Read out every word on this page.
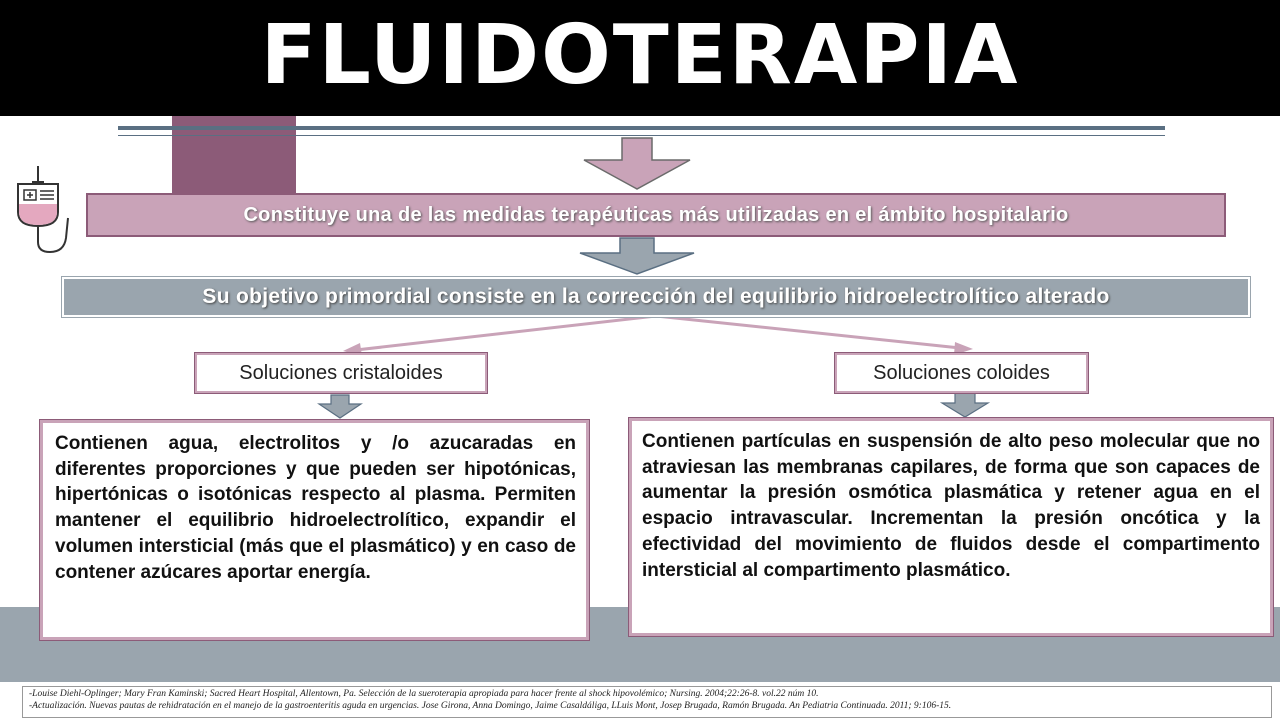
FLUIDOTERAPIA
Constituye una de las medidas terapéuticas más utilizadas en el ámbito hospitalario
Su objetivo primordial consiste en la corrección del equilibrio hidroelectrolítico alterado
Soluciones cristaloides	Soluciones coloides
Contienen agua, electrolitos y /o azucaradas en diferentes proporciones y que pueden ser hipotónicas, hipertónicas o isotónicas respecto al plasma. Permiten mantener el equilibrio hidroelectrolítico, expandir el volumen intersticial (más que el plasmático) y en caso de contener azúcares aportar energía.
Contienen partículas en suspensión de alto peso molecular que no atraviesan las membranas capilares, de forma que son capaces de aumentar la presión osmótica plasmática y retener agua en el espacio intravascular. Incrementan la presión oncótica y la efectividad del movimiento de fluidos desde el compartimento intersticial al compartimento plasmático.
-Louise Diehl-Oplinger; Mary Fran Kaminski; Sacred Heart Hospital, Allentown, Pa. Selección de la sueroterapia apropiada para hacer frente al shock hipovolémico; Nursing. 2004;22:26-8. vol.22 núm 10.
-Actualización. Nuevas pautas de rehidratación en el manejo de la gastroenteritis aguda en urgencias. Jose Girona, Anna Domingo, Jaime Casaldáliga, LLuis Mont, Josep Brugada, Ramón Brugada. An Pediatria Continuada. 2011; 9:106-15.
